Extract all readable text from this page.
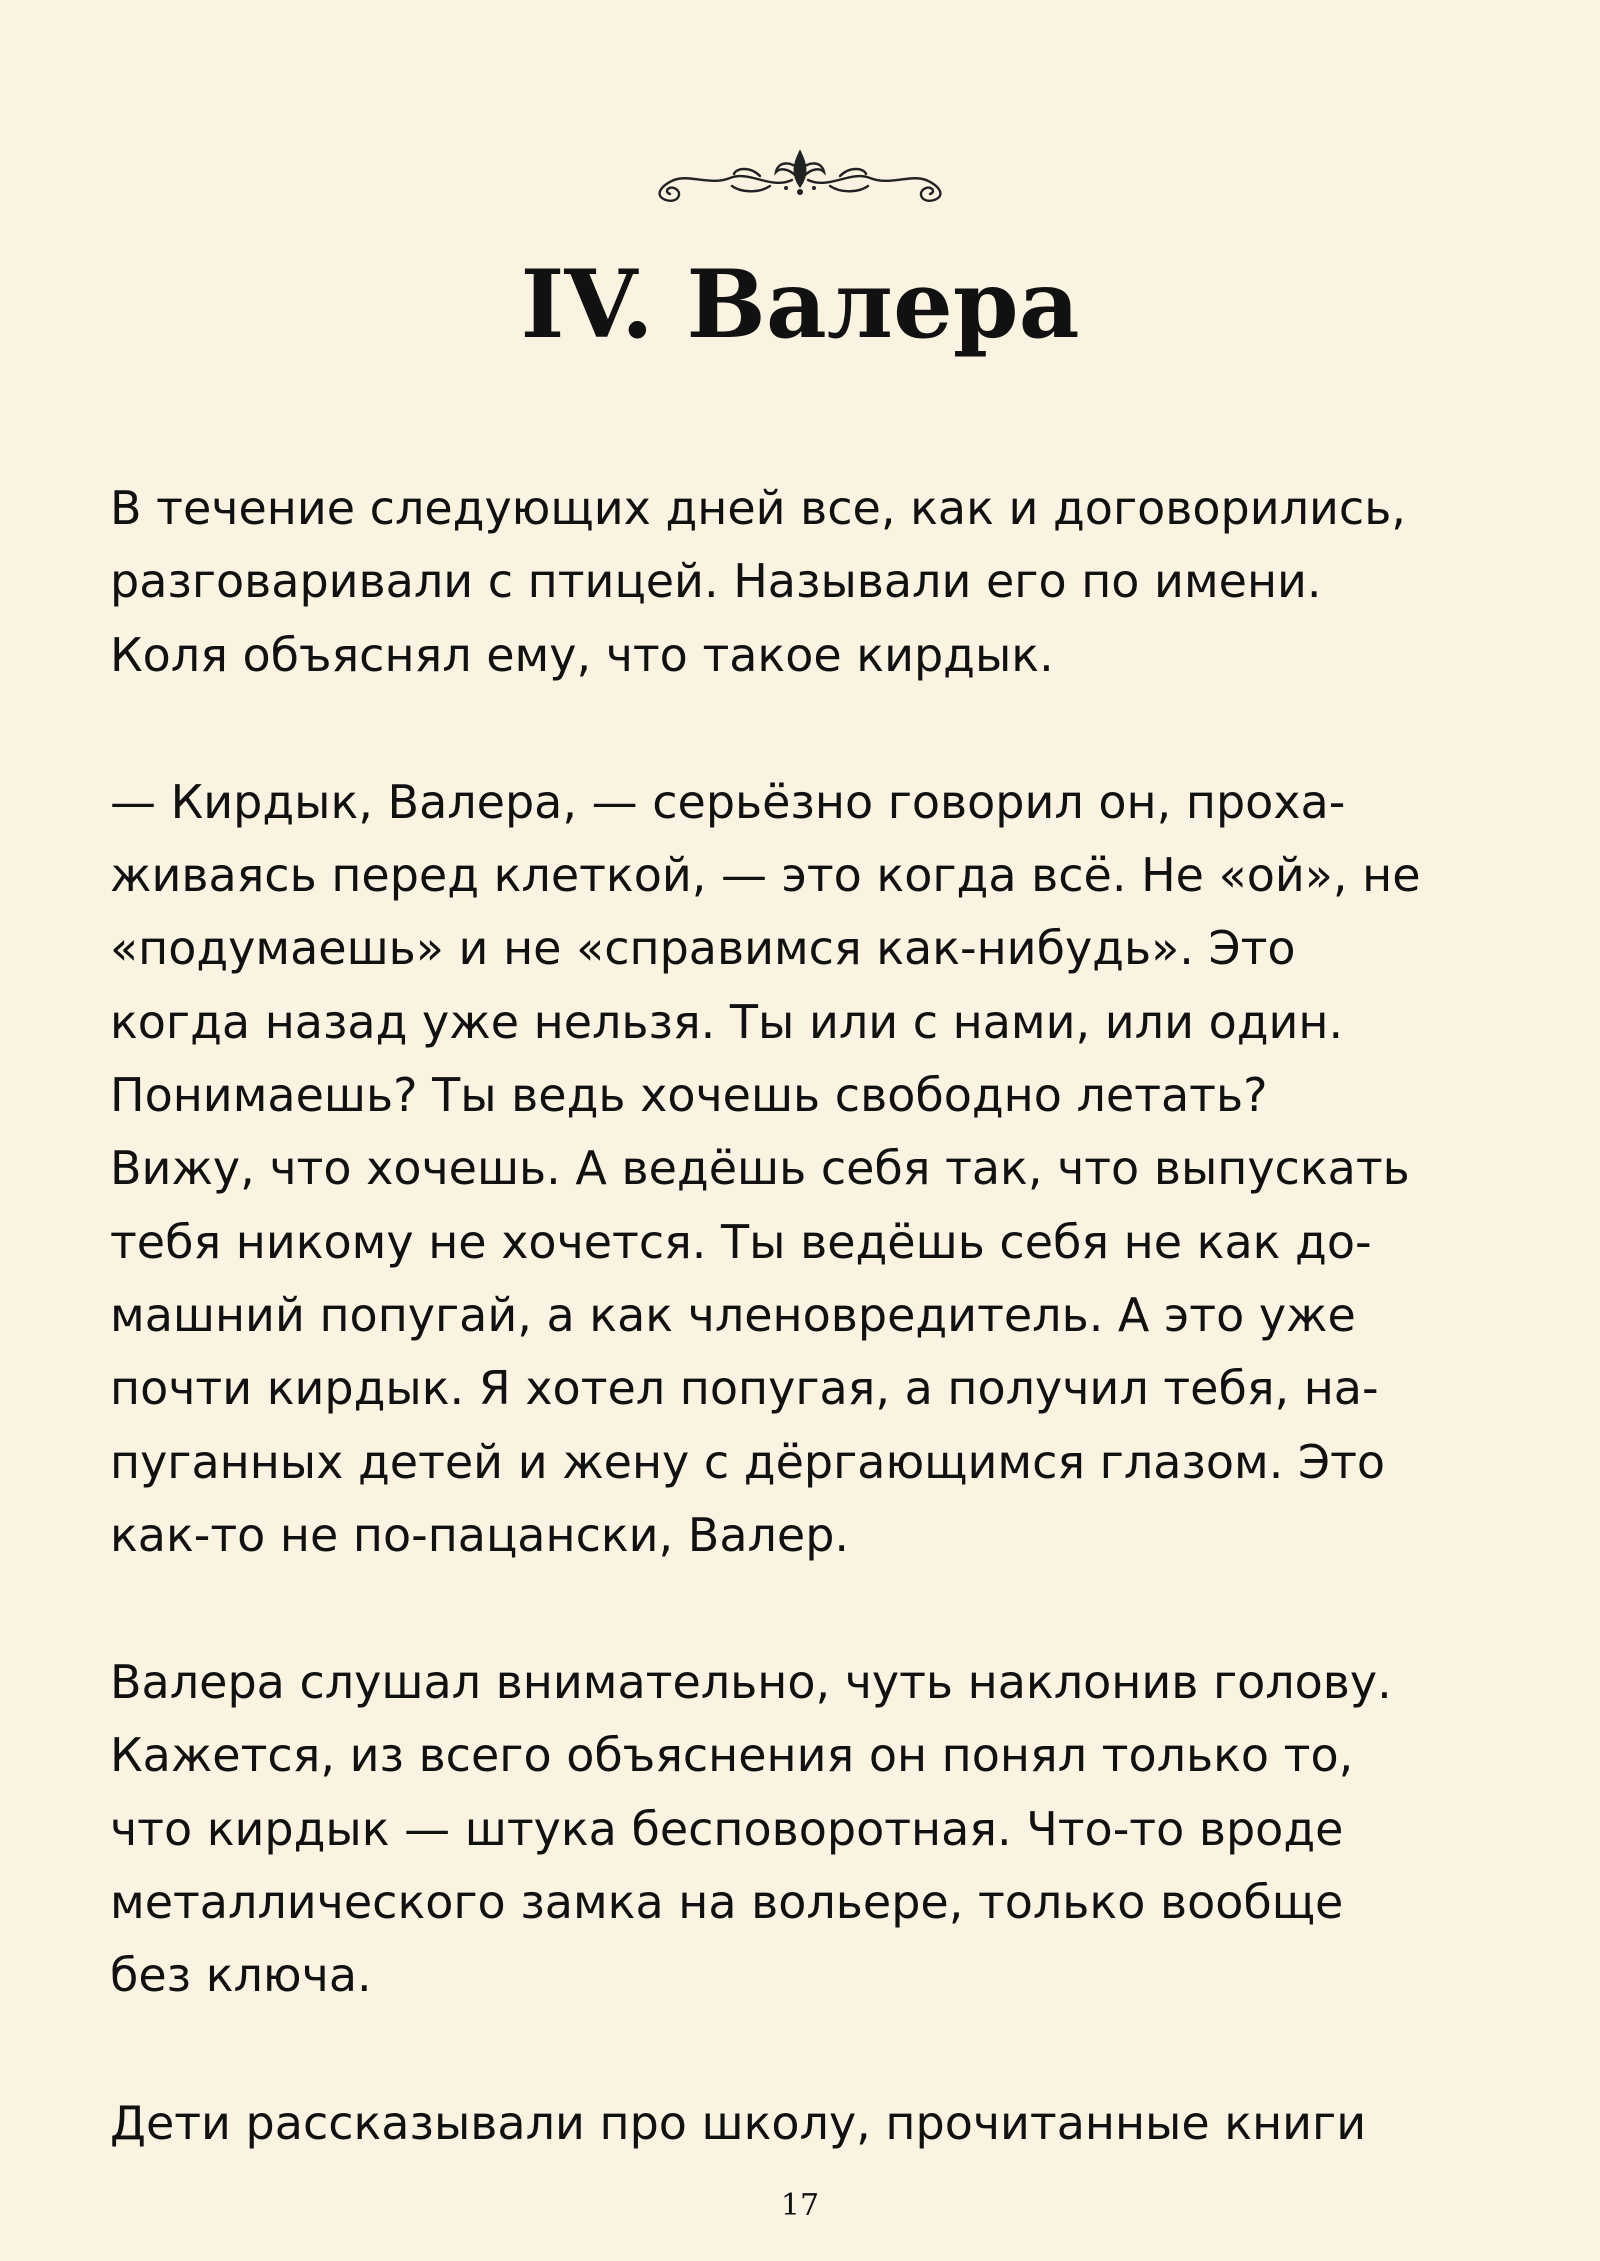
IV. Валера

В течение следующих дней все, как и договорились,
разговаривали с птицей. Называли его по имени.
Коля объяснял ему, что такое кирдык.

— Кирдык, Валера, — серьёзно говорил он, проха-
живаясь перед клеткой, — это когда всё. Не «ой», не
«подумаешь» и не «справимся как-нибудь». Это
когда назад уже нельзя. Ты или с нами, или один.
Понимаешь? Ты ведь хочешь свободно летать?
Вижу, что хочешь. А ведёшь себя так, что выпускать
тебя никому не хочется. Ты ведёшь себя не как до-
машний попугай, а как членовредитель. А это уже
почти кирдык. Я хотел попугая, а получил тебя, на-
пуганных детей и жену с дёргающимся глазом. Это
как-то не по-пацански, Валер.

Валера слушал внимательно, чуть наклонив голову.
Кажется, из всего объяснения он понял только то,
что кирдык — штука бесповоротная. Что-то вроде
металлического замка на вольере, только вообще
без ключа.

Дети рассказывали про школу, прочитанные книги

17
